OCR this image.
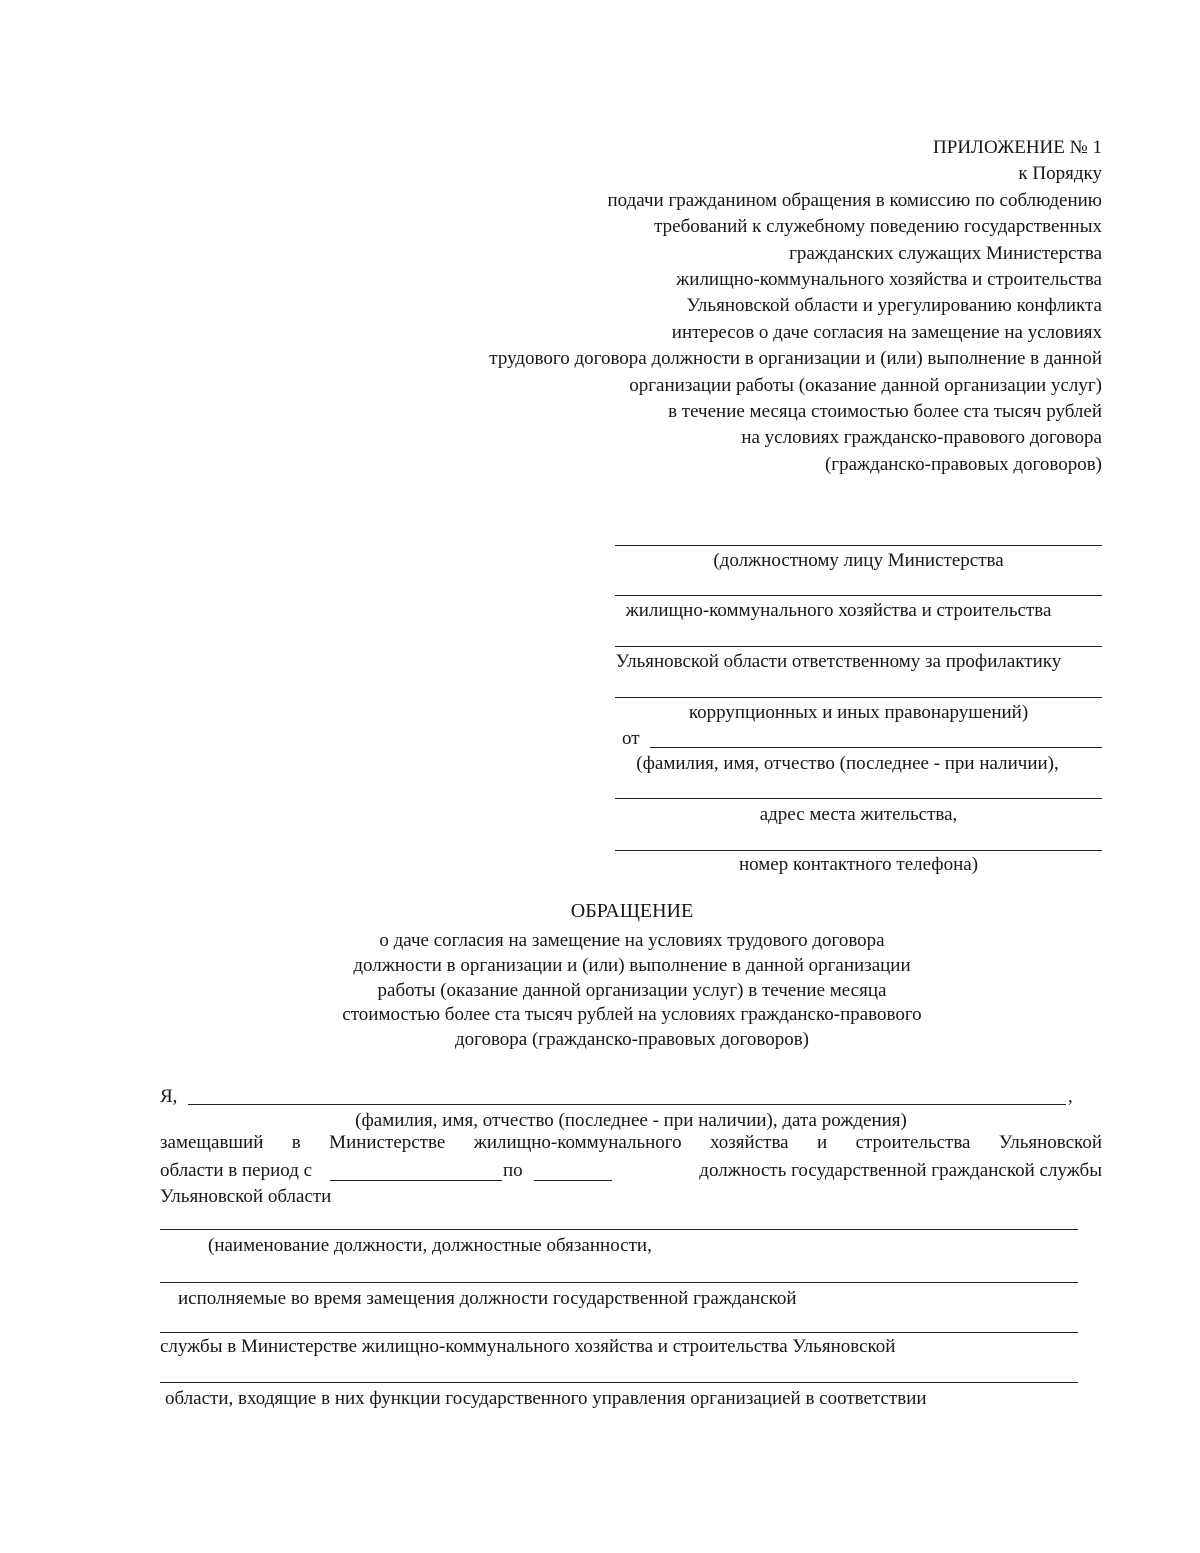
ПРИЛОЖЕНИЕ № 1
к Порядку
подачи гражданином обращения в комиссию по соблюдению
требований к служебному поведению государственных
гражданских служащих Министерства
жилищно-коммунального хозяйства и строительства
Ульяновской области и урегулированию конфликта
интересов о даче согласия на замещение на условиях
трудового договора должности в организации и (или) выполнение в данной
организации работы (оказание данной организации услуг)
в течение месяца стоимостью более ста тысяч рублей
на условиях гражданско-правового договора
(гражданско-правовых договоров)
(должностному лицу Министерства
жилищно-коммунального хозяйства и строительства
Ульяновской области ответственному за профилактику
коррупционных и иных правонарушений)
от
(фамилия, имя, отчество (последнее - при наличии),
адрес места жительства,
номер контактного телефона)
ОБРАЩЕНИЕ
о даче согласия на замещение на условиях трудового договора
должности в организации и (или) выполнение в данной организации
работы (оказание данной организации услуг) в течение месяца
стоимостью более ста тысяч рублей на условиях гражданско-правового
договора (гражданско-правовых договоров)
Я,	,
(фамилия, имя, отчество (последнее - при наличии), дата рождения)
замещавший в Министерстве жилищно-коммунального хозяйства и строительства Ульяновской
области в период с	по	должность государственной гражданской службы
Ульяновской области
(наименование должности, должностные обязанности,
исполняемые во время замещения должности государственной гражданской
службы в Министерстве жилищно-коммунального хозяйства и строительства Ульяновской
области, входящие в них функции государственного управления организацией в соответствии
